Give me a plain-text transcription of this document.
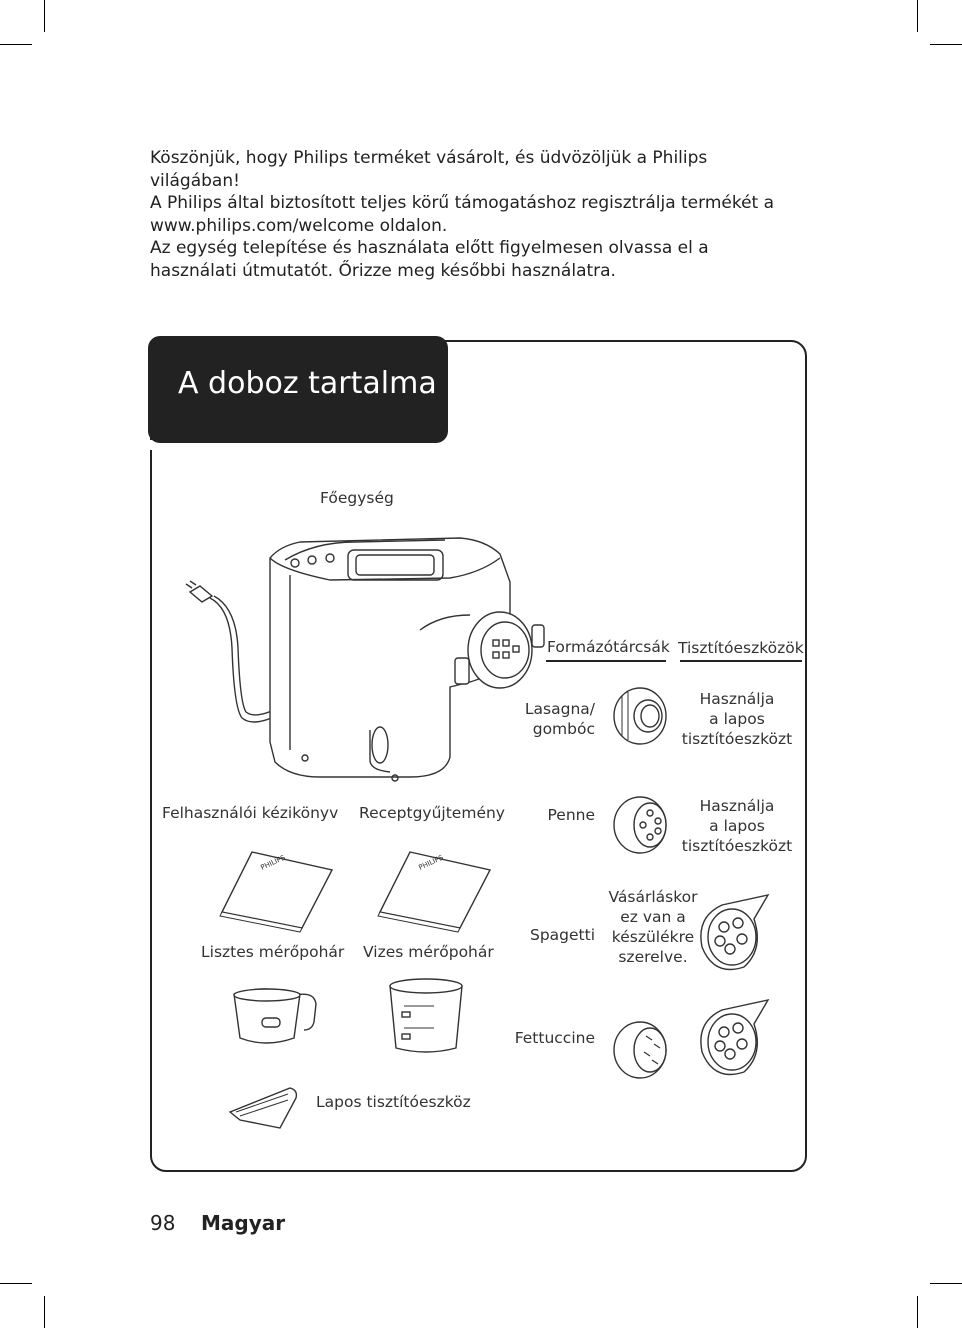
Köszönjük, hogy Philips terméket vásárolt, és üdvözöljük a Philips
világában!
A Philips által biztosított teljes körű támogatáshoz regisztrálja termékét a
www.philips.com/welcome oldalon.
Az egység telepítése és használata előtt figyelmesen olvassa el a
használati útmutatót. Őrizze meg későbbi használatra.
A doboz tartalma
Főegység
Felhasználói kézikönyv Receptgyűjtemény
Lisztes mérőpohár Vizes mérőpohár
Lapos tisztítóeszköz
Formázótárcsák Tisztítóeszközök
Lasagna/
gombóc
Penne
Spagetti
Fettuccine
Használja
a lapos
tisztítóeszközt
Használja
a lapos
tisztítóeszközt
Vásárláskor
ez van a
készülékre
szerelve.
PHILIPS	PHILIPS
98 Magyar
